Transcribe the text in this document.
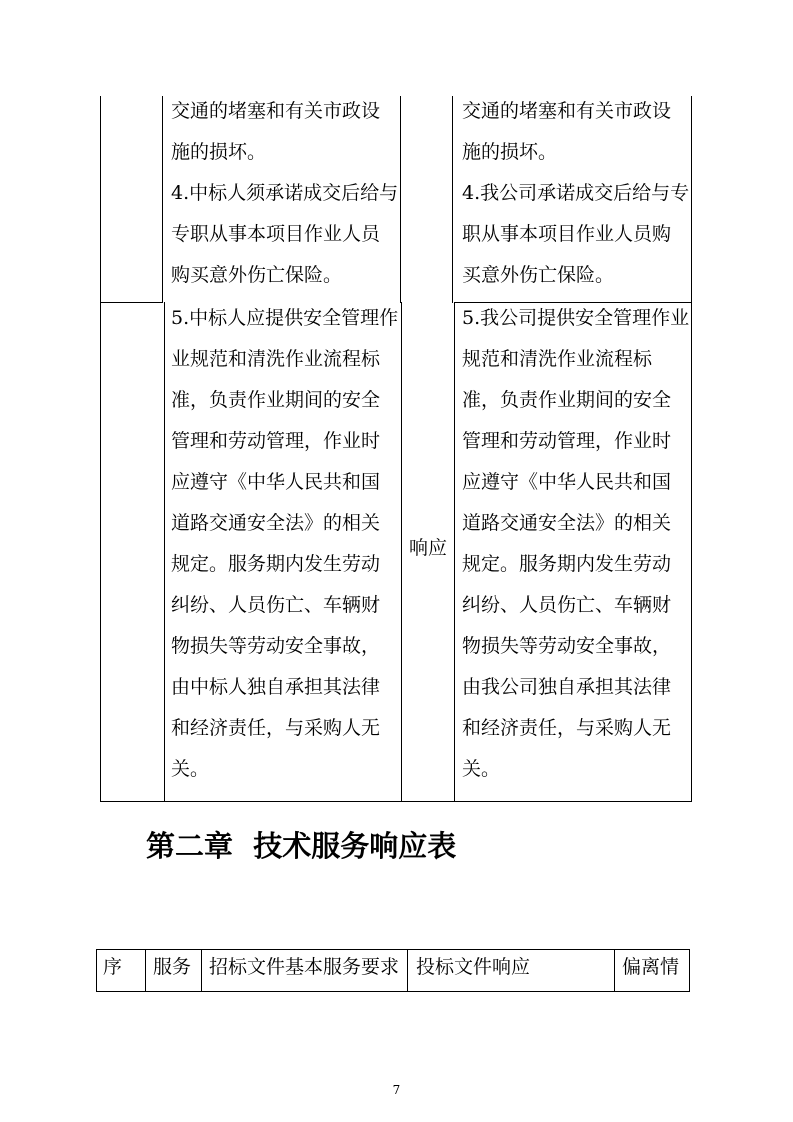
交通的堵塞和有关市政设
施的损坏。
4.中标人须承诺成交后给与
专职从事本项目作业人员
购买意外伤亡保险。
交通的堵塞和有关市政设
施的损坏。
4.我公司承诺成交后给与专
职从事本项目作业人员购
买意外伤亡保险。
5.中标人应提供安全管理作
业规范和清洗作业流程标
准，负责作业期间的安全
管理和劳动管理，作业时
应遵守《中华人民共和国
道路交通安全法》的相关
规定。服务期内发生劳动
纠纷、人员伤亡、车辆财
物损失等劳动安全事故，
由中标人独自承担其法律
和经济责任，与采购人无
关。
响应
5.我公司提供安全管理作业
规范和清洗作业流程标
准，负责作业期间的安全
管理和劳动管理，作业时
应遵守《中华人民共和国
道路交通安全法》的相关
规定。服务期内发生劳动
纠纷、人员伤亡、车辆财
物损失等劳动安全事故，
由我公司独自承担其法律
和经济责任，与采购人无
关。
第二章  技术服务响应表
序 服务 招标文件基本服务要求 投标文件响应	偏离情
7
